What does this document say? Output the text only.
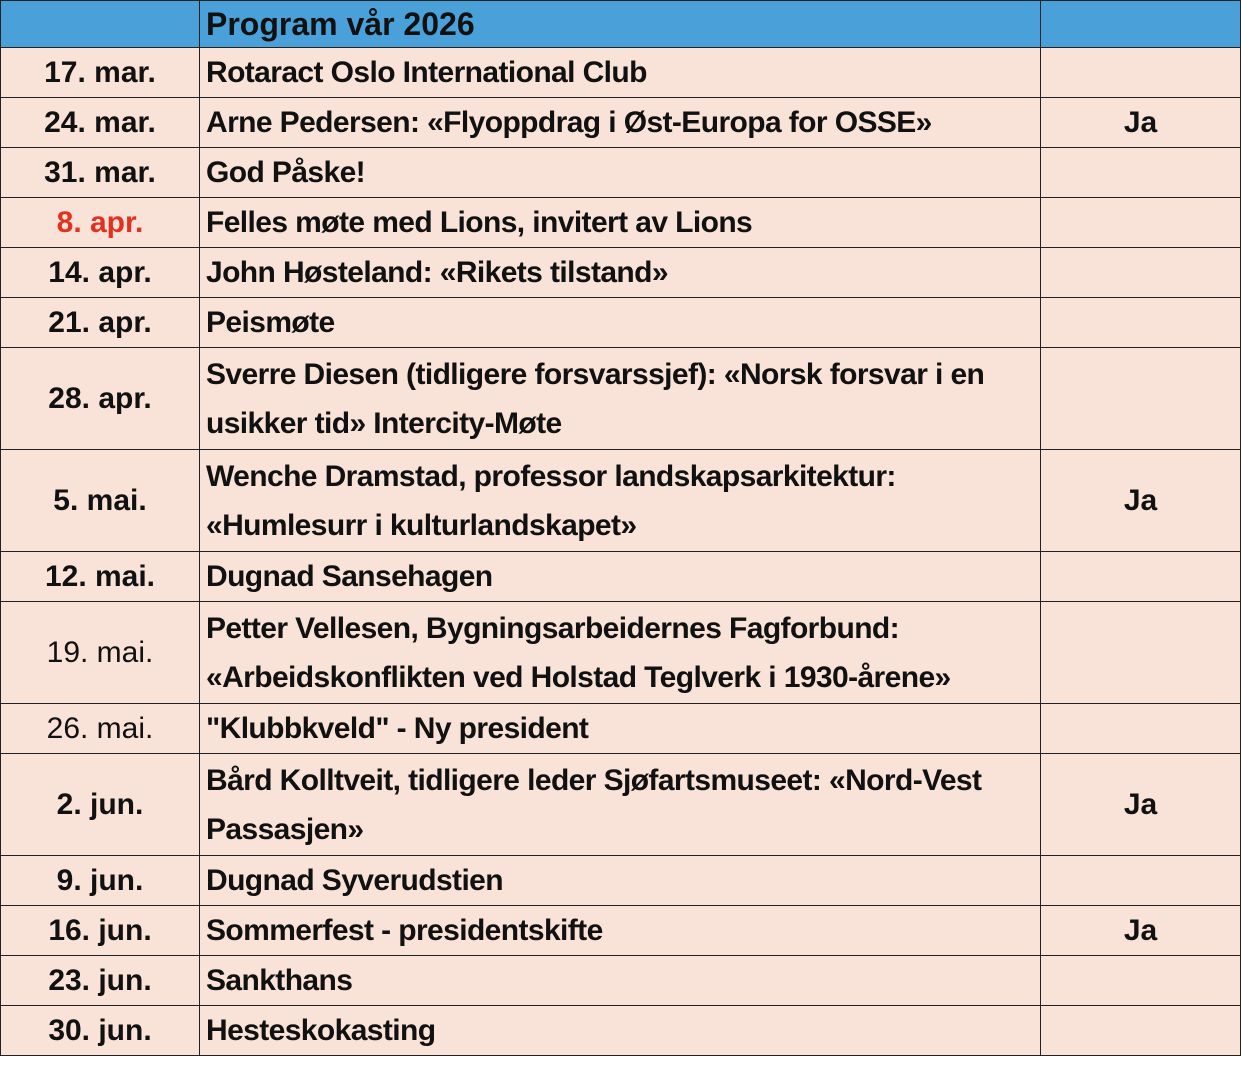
	Program vår 2026	
17. mar.	Rotaract Oslo International Club	
24. mar.	Arne Pedersen: «Flyoppdrag i Øst-Europa for OSSE»	Ja
31. mar.	God Påske!	
8. apr.	Felles møte med Lions, invitert av Lions	
14. apr.	John Høsteland: «Rikets tilstand»	
21. apr.	Peismøte	
28. apr.	Sverre Diesen (tidligere forsvarssjef): «Norsk forsvar i en usikker tid» Intercity-Møte	
5. mai.	Wenche Dramstad, professor landskapsarkitektur: «Humlesurr i kulturlandskapet»	Ja
12. mai.	Dugnad Sansehagen	
19. mai.	Petter Vellesen, Bygningsarbeidernes Fagforbund: «Arbeidskonflikten ved Holstad Teglverk i 1930-årene»	
26. mai.	"Klubbkveld" - Ny president	
2. jun.	Bård Kolltveit, tidligere leder Sjøfartsmuseet: «Nord-Vest Passasjen»	Ja
9. jun.	Dugnad Syverudstien	
16. jun.	Sommerfest - presidentskifte	Ja
23. jun.	Sankthans	
30. jun.	Hesteskokasting	
